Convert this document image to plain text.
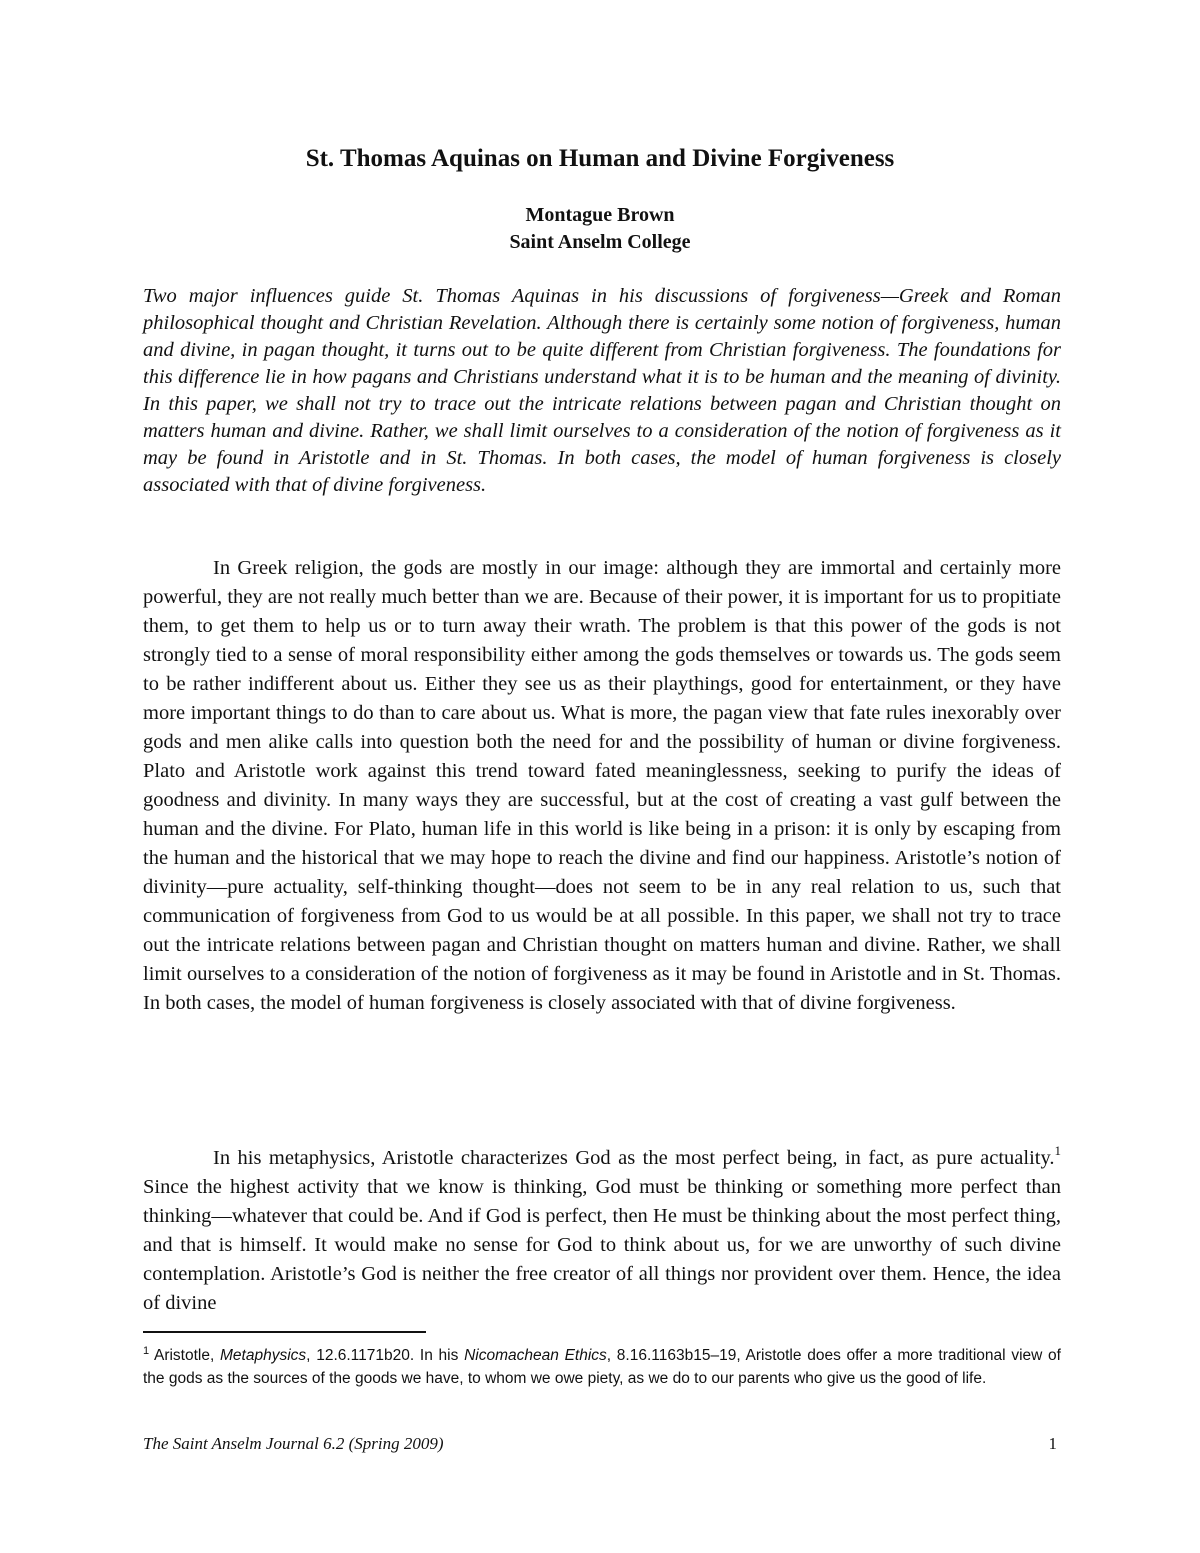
St. Thomas Aquinas on Human and Divine Forgiveness

Montague Brown

Saint Anselm College

Two major influences guide St. Thomas Aquinas in his discussions of forgiveness—Greek and Roman philosophical thought and Christian Revelation. Although there is certainly some notion of forgiveness, human and divine, in pagan thought, it turns out to be quite different from Christian forgiveness. The foundations for this difference lie in how pagans and Christians understand what it is to be human and the meaning of divinity. In this paper, we shall not try to trace out the intricate relations between pagan and Christian thought on matters human and divine. Rather, we shall limit ourselves to a consideration of the notion of forgiveness as it may be found in Aristotle and in St. Thomas. In both cases, the model of human forgiveness is closely associated with that of divine forgiveness.

In Greek religion, the gods are mostly in our image: although they are immortal and certainly more powerful, they are not really much better than we are. Because of their power, it is important for us to propitiate them, to get them to help us or to turn away their wrath. The problem is that this power of the gods is not strongly tied to a sense of moral responsibility either among the gods themselves or towards us. The gods seem to be rather indifferent about us. Either they see us as their playthings, good for entertainment, or they have more important things to do than to care about us. What is more, the pagan view that fate rules inexorably over gods and men alike calls into question both the need for and the possibility of human or divine forgiveness. Plato and Aristotle work against this trend toward fated meaninglessness, seeking to purify the ideas of goodness and divinity. In many ways they are successful, but at the cost of creating a vast gulf between the human and the divine. For Plato, human life in this world is like being in a prison: it is only by escaping from the human and the historical that we may hope to reach the divine and find our happiness. Aristotle’s notion of divinity—pure actuality, self-thinking thought—does not seem to be in any real relation to us, such that communication of forgiveness from God to us would be at all possible. In this paper, we shall not try to trace out the intricate relations between pagan and Christian thought on matters human and divine. Rather, we shall limit ourselves to a consideration of the notion of forgiveness as it may be found in Aristotle and in St. Thomas. In both cases, the model of human forgiveness is closely associated with that of divine forgiveness.

In his metaphysics, Aristotle characterizes God as the most perfect being, in fact, as pure actuality.$^1$ Since the highest activity that we know is thinking, God must be thinking or something more perfect than thinking—whatever that could be. And if God is perfect, then He must be thinking about the most perfect thing, and that is himself. It would make no sense for God to think about us, for we are unworthy of such divine contemplation. Aristotle’s God is neither the free creator of all things nor provident over them. Hence, the idea of divine

$^1$ Aristotle, Metaphysics, 12.6.1171b20. In his Nicomachean Ethics, 8.16.1163b15–19, Aristotle does offer a more traditional view of the gods as the sources of the goods we have, to whom we owe piety, as we do to our parents who give us the good of life.

The Saint Anselm Journal 6.2 (Spring 2009)	1
